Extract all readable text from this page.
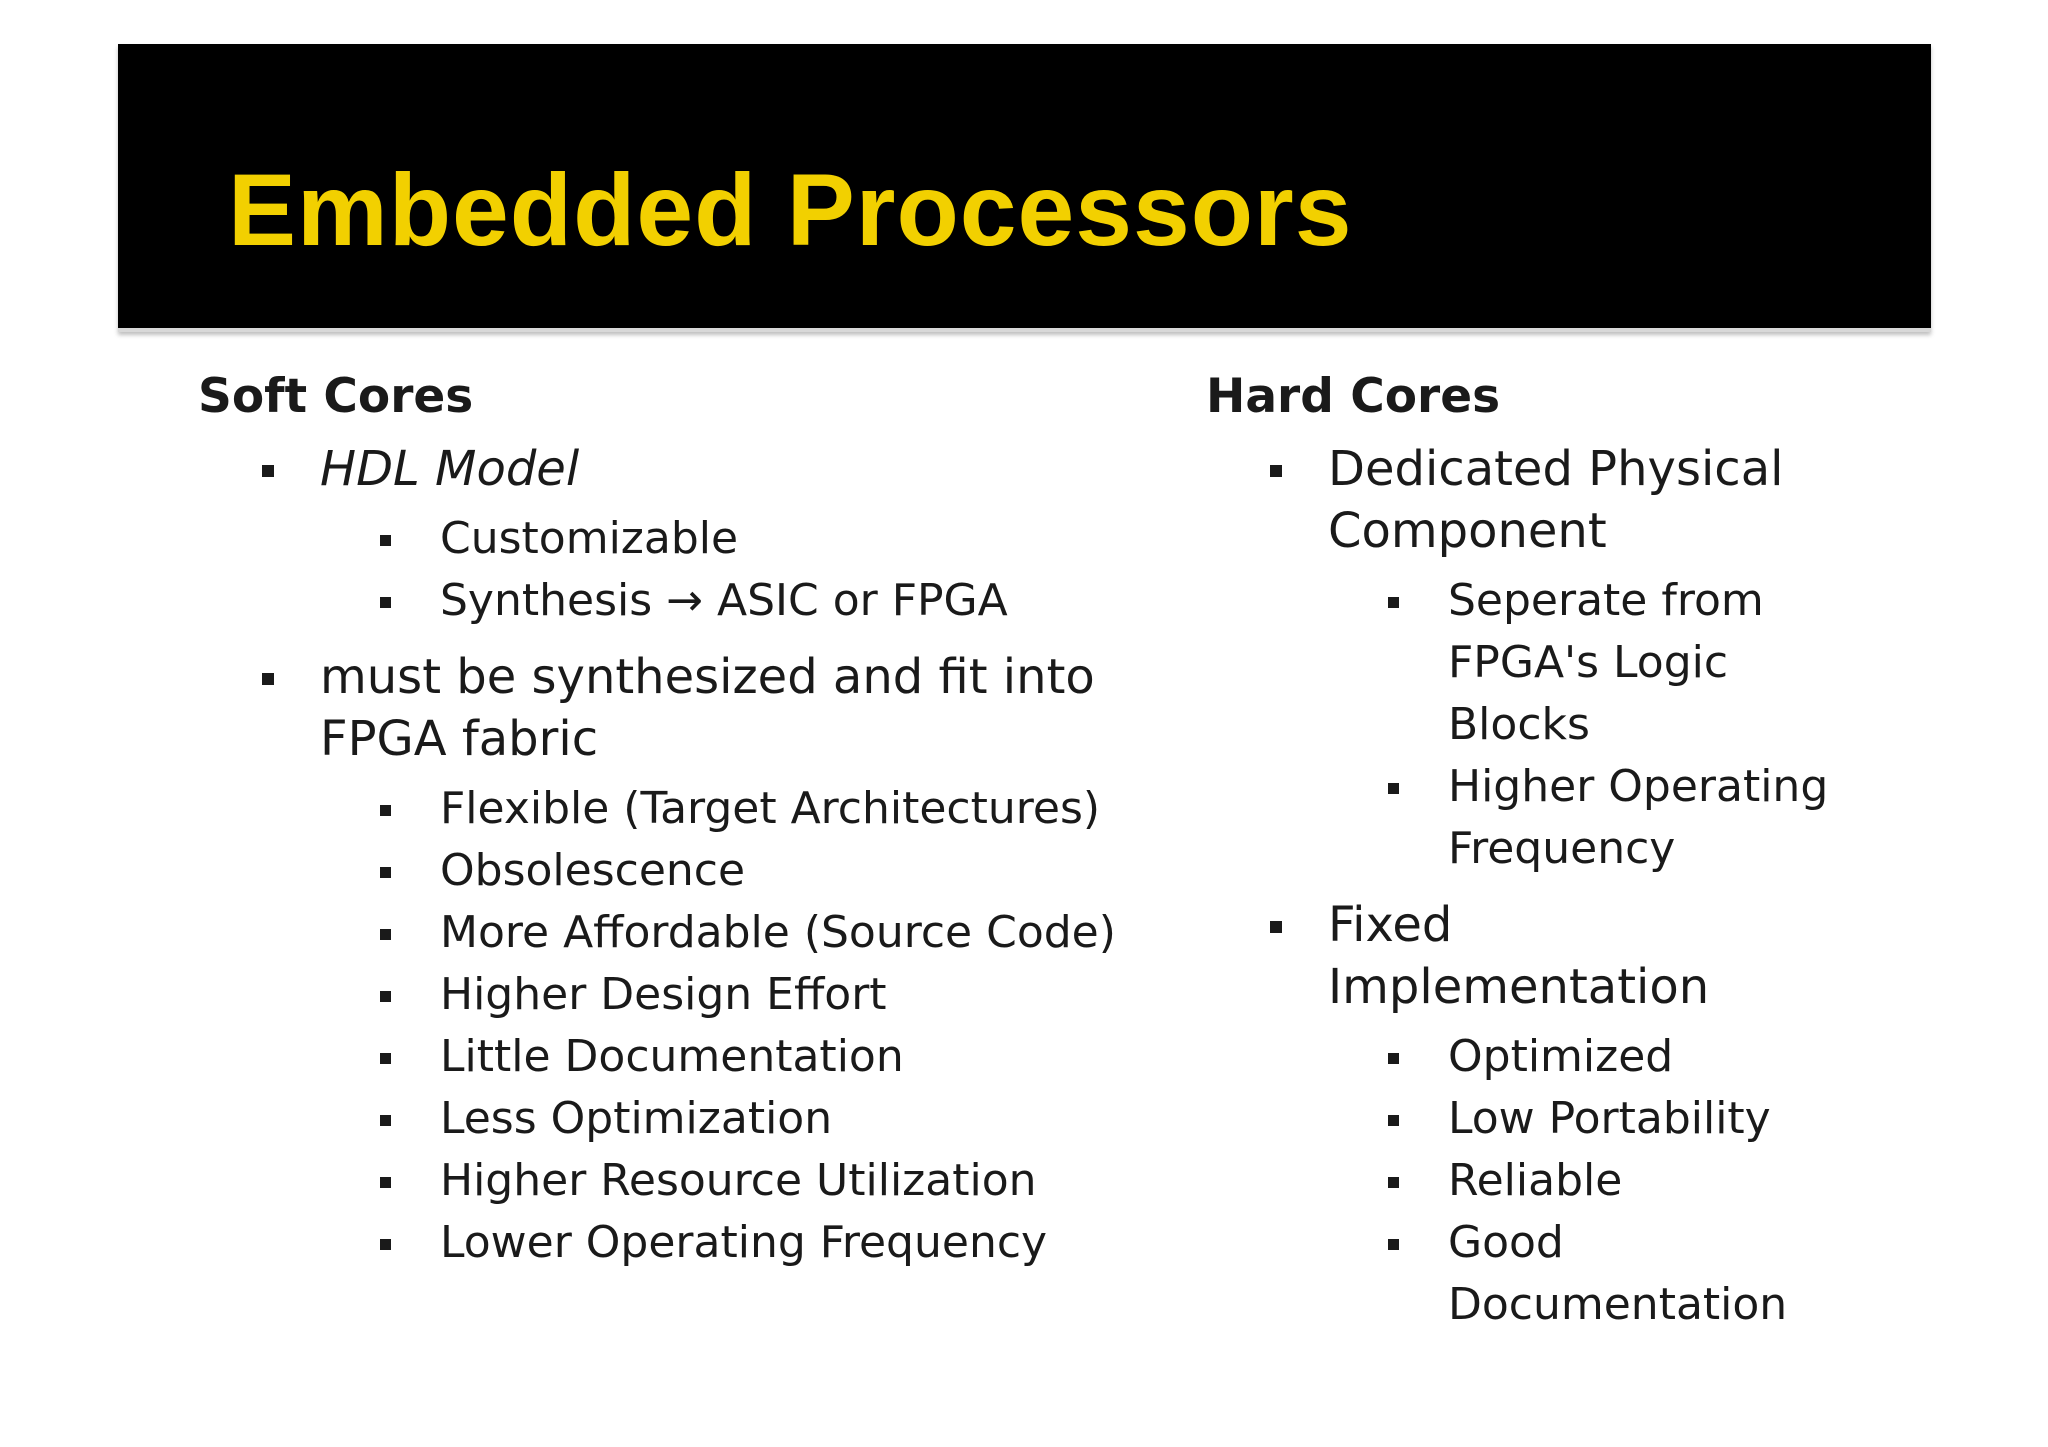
Embedded Processors
Soft Cores
HDL Model
Customizable
Synthesis → ASIC or FPGA
must be synthesized and fit into FPGA fabric
Flexible (Target Architectures)
Obsolescence
More Affordable (Source Code)
Higher Design Effort
Little Documentation
Less Optimization
Higher Resource Utilization
Lower Operating Frequency
Hard Cores
Dedicated Physical Component
Seperate from FPGA's Logic Blocks
Higher Operating Frequency
Fixed Implementation
Optimized
Low Portability
Reliable
Good Documentation
